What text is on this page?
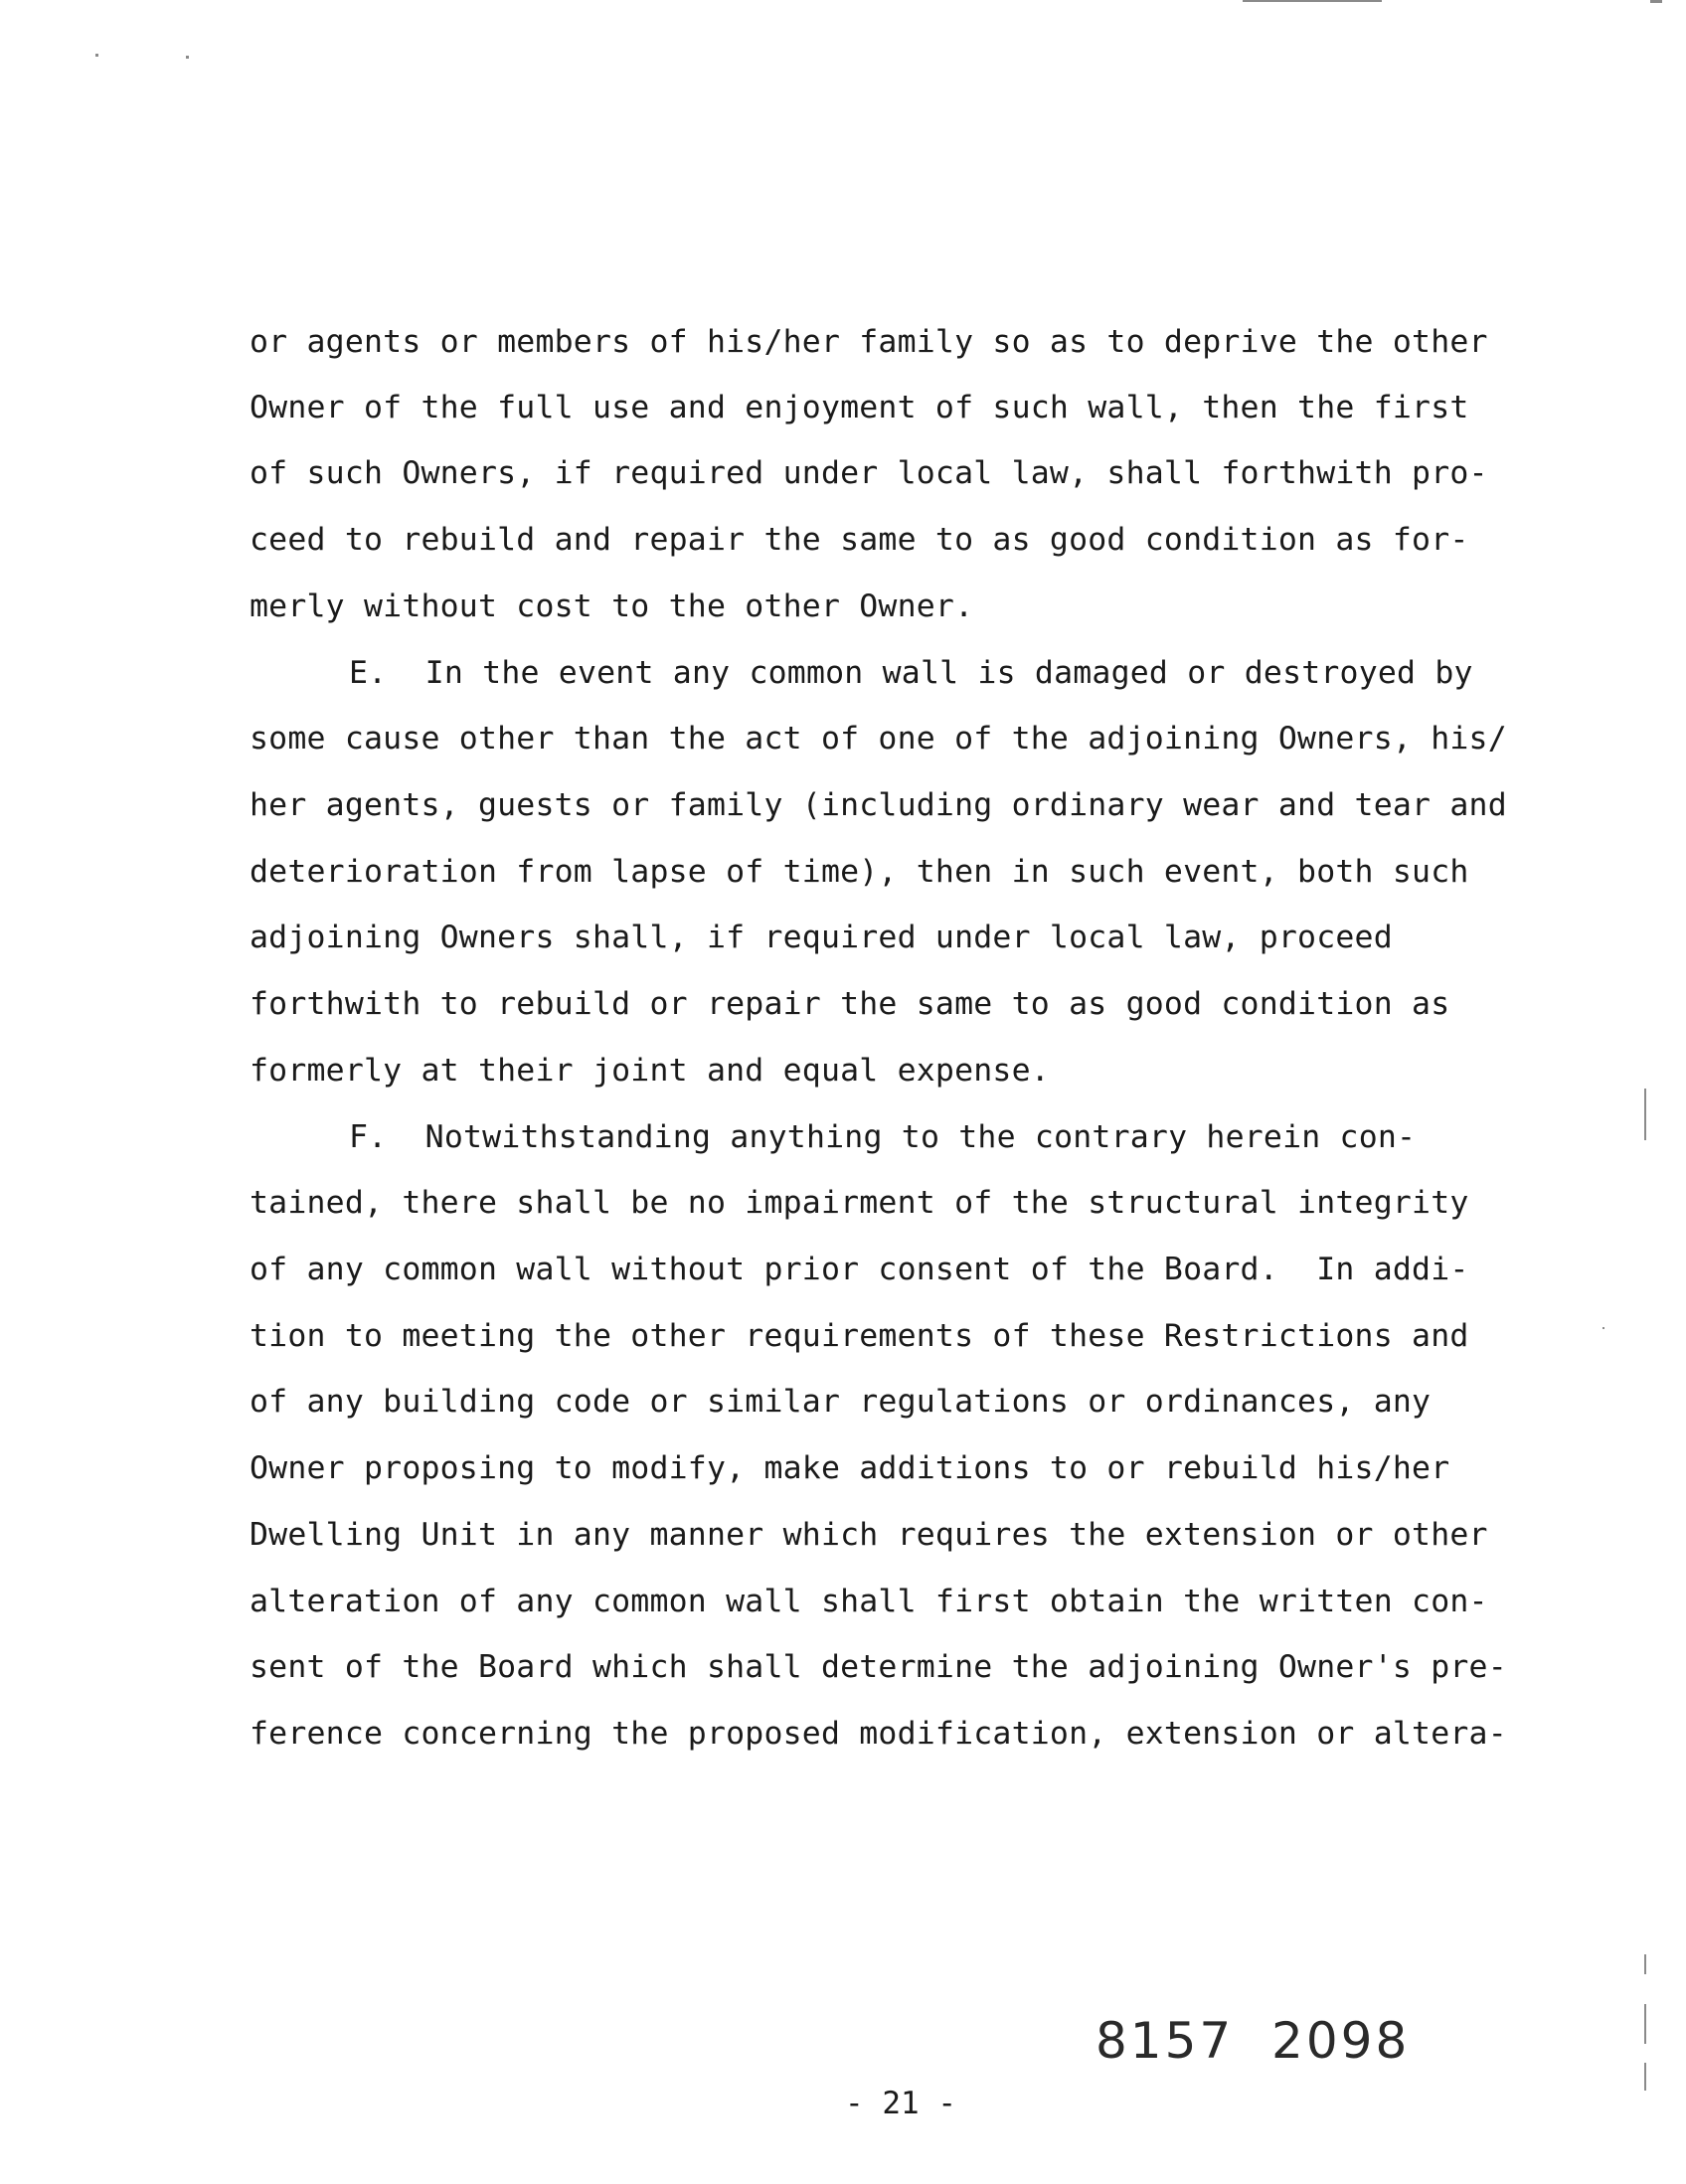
or agents or members of his/her family so as to deprive the other

Owner of the full use and enjoyment of such wall, then the first

of such Owners, if required under local law, shall forthwith pro-

ceed to rebuild and repair the same to as good condition as for-

merly without cost to the other Owner.

E.  In the event any common wall is damaged or destroyed by

some cause other than the act of one of the adjoining Owners, his/

her agents, guests or family (including ordinary wear and tear and

deterioration from lapse of time), then in such event, both such

adjoining Owners shall, if required under local law, proceed

forthwith to rebuild or repair the same to as good condition as

formerly at their joint and equal expense.

F.  Notwithstanding anything to the contrary herein con-

tained, there shall be no impairment of the structural integrity

of any common wall without prior consent of the Board.  In addi-

tion to meeting the other requirements of these Restrictions and

of any building code or similar regulations or ordinances, any

Owner proposing to modify, make additions to or rebuild his/her

Dwelling Unit in any manner which requires the extension or other

alteration of any common wall shall first obtain the written con-

sent of the Board which shall determine the adjoining Owner's pre-

ference concerning the proposed modification, extension or altera-

8157  2098
- 21 -
